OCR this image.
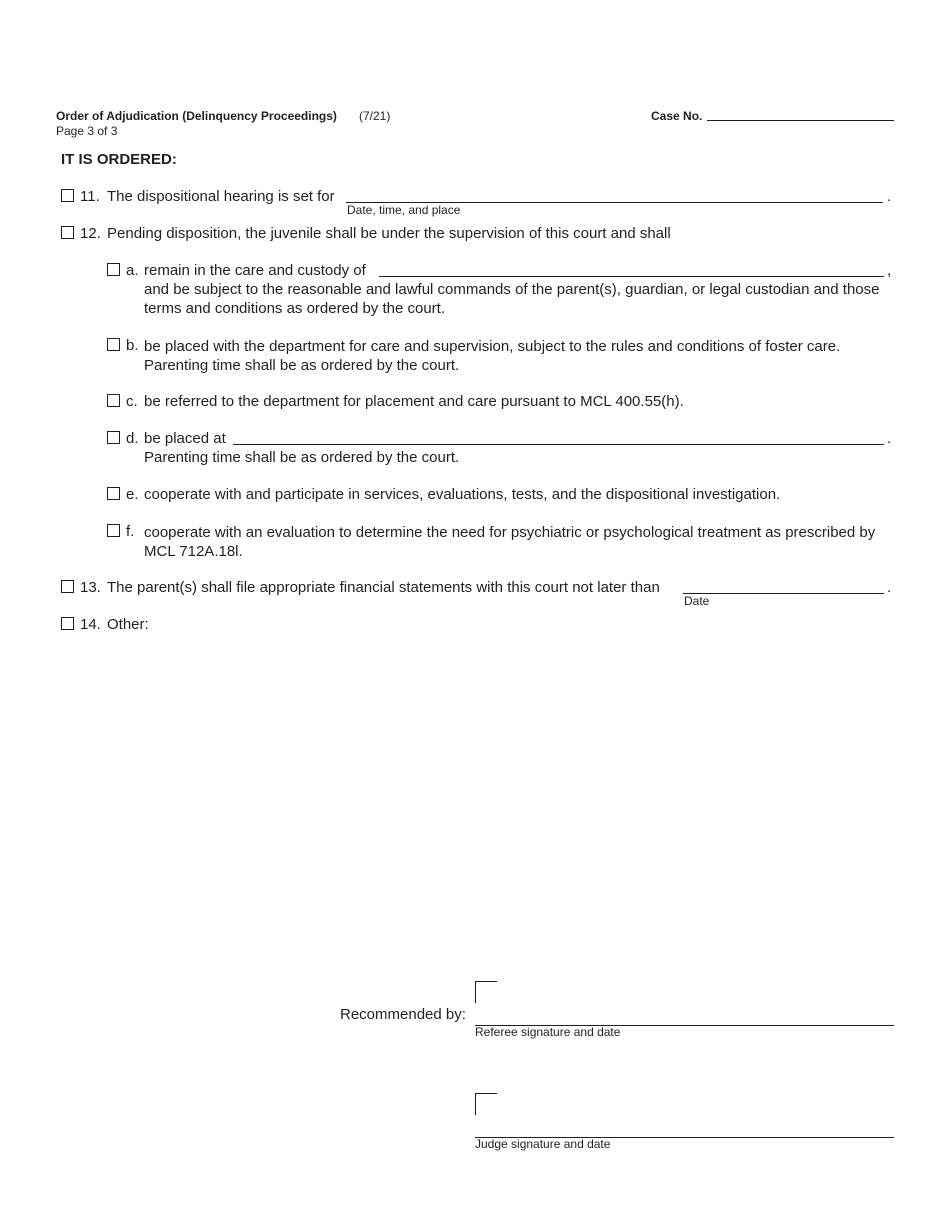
Order of Adjudication (Delinquency Proceedings) (7/21)
Page 3 of 3
Case No.
IT IS ORDERED:
11. The dispositional hearing is set for	.
Date, time, and place
12. Pending disposition, the juvenile shall be under the supervision of this court and shall
a. remain in the care and custody of	,
and be subject to the reasonable and lawful commands of the parent(s), guardian, or legal custodian and those terms and conditions as ordered by the court.
b. be placed with the department for care and supervision, subject to the rules and conditions of foster care. Parenting time shall be as ordered by the court.
c. be referred to the department for placement and care pursuant to MCL 400.55(h).
d. be placed at	.
Parenting time shall be as ordered by the court.
e. cooperate with and participate in services, evaluations, tests, and the dispositional investigation.
f. cooperate with an evaluation to determine the need for psychiatric or psychological treatment as prescribed by MCL 712A.18l.
13. The parent(s) shall file appropriate financial statements with this court not later than	.
Date
14. Other:
Recommended by:
Referee signature and date
Judge signature and date
